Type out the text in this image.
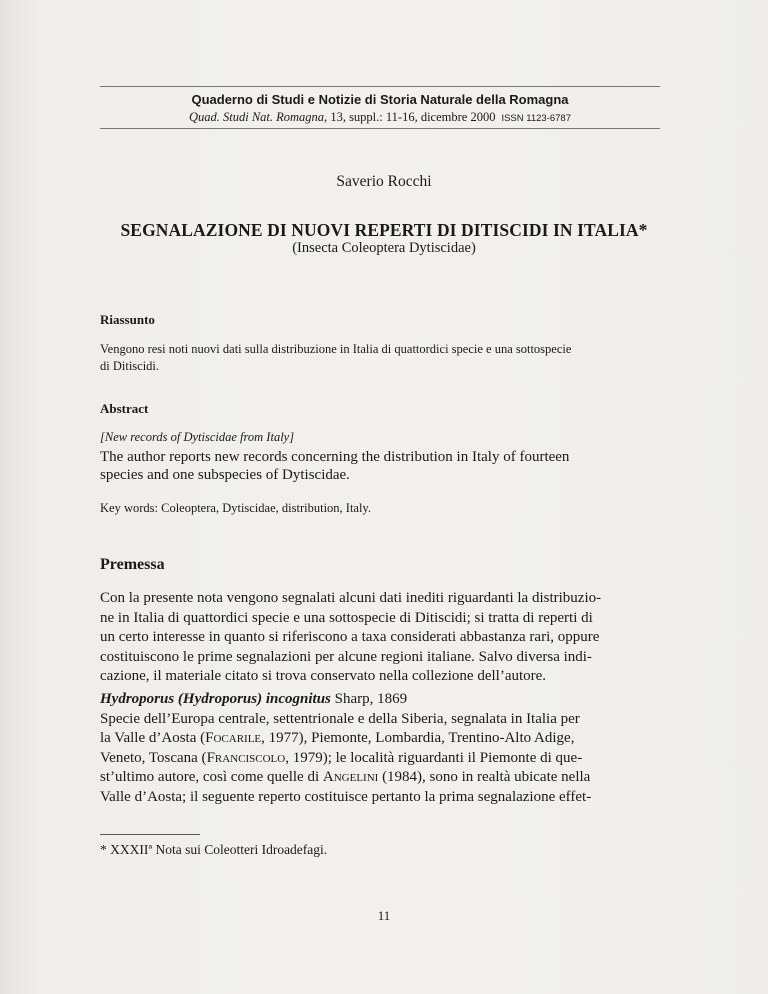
Quaderno di Studi e Notizie di Storia Naturale della Romagna
Quad. Studi Nat. Romagna, 13, suppl.: 11-16, dicembre 2000 ISSN 1123-6787
Saverio Rocchi
SEGNALAZIONE DI NUOVI REPERTI DI DITISCIDI IN ITALIA*
(Insecta Coleoptera Dytiscidae)
Riassunto
Vengono resi noti nuovi dati sulla distribuzione in Italia di quattordici specie e una sottospecie
di Ditiscidi.
Abstract
[New records of Dytiscidae from Italy]
The author reports new records concerning the distribution in Italy of fourteen
species and one subspecies of Dytiscidae.
Key words: Coleoptera, Dytiscidae, distribution, Italy.
Premessa
Con la presente nota vengono segnalati alcuni dati inediti riguardanti la distribuzio-
ne in Italia di quattordici specie e una sottospecie di Ditiscidi; si tratta di reperti di
un certo interesse in quanto si riferiscono a taxa considerati abbastanza rari, oppure
costituiscono le prime segnalazioni per alcune regioni italiane. Salvo diversa indi-
cazione, il materiale citato si trova conservato nella collezione dell’autore.
Hydroporus (Hydroporus) incognitus Sharp, 1869
Specie dell’Europa centrale, settentrionale e della Siberia, segnalata in Italia per
la Valle d’Aosta (Focarile, 1977), Piemonte, Lombardia, Trentino-Alto Adige,
Veneto, Toscana (Franciscolo, 1979); le località riguardanti il Piemonte di que-
st’ultimo autore, così come quelle di Angelini (1984), sono in realtà ubicate nella
Valle d’Aosta; il seguente reperto costituisce pertanto la prima segnalazione effet-
* XXXIIª Nota sui Coleotteri Idroadefagi.
11
